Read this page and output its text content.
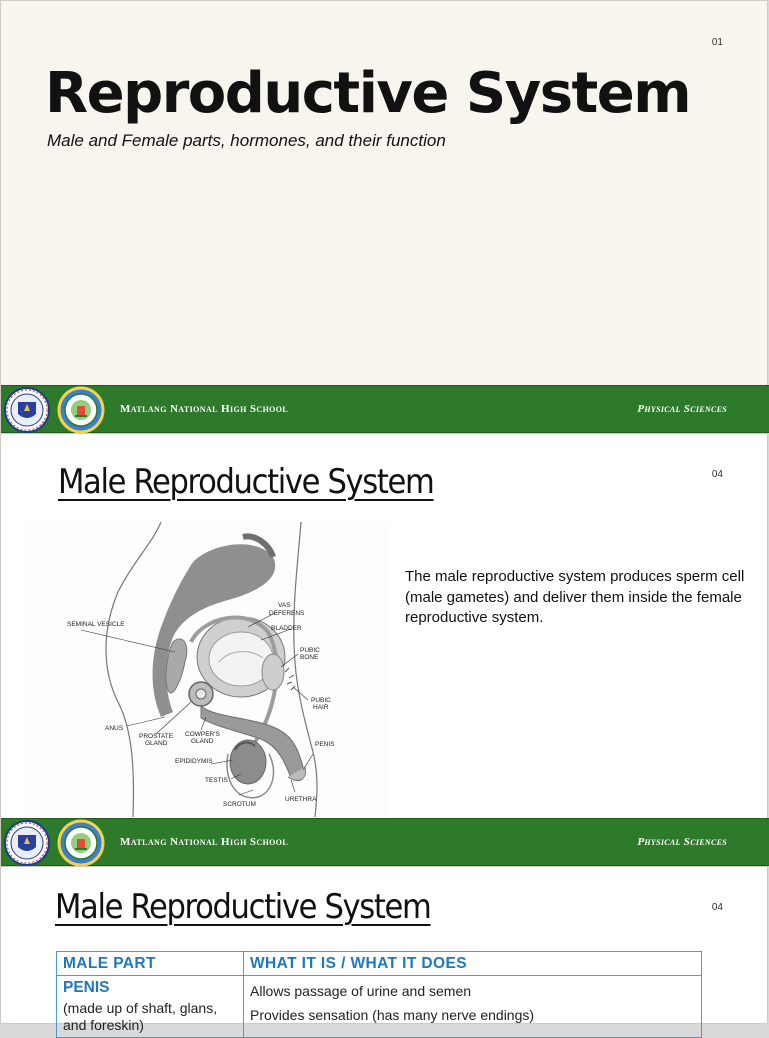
01
Reproductive System
Male and Female parts, hormones, and their function
Matlang National High School	Physical Sciences
Male Reproductive System	04
SEMINAL VESICLE
VAS
DEFERENS
BLADDER
PUBIC
BONE
PUBIC
HAIR
ANUS
PROSTATE
GLAND
COWPER'S
GLAND	PENIS
EPIDIDYMIS
TESTIS
SCROTUM
URETHRA
The male reproductive system produces sperm cell (male gametes) and deliver them inside the female reproductive system.
Matlang National High School	Physical Sciences
Male Reproductive System	04
MALE PART	WHAT IT IS / WHAT IT DOES

PENIS
(made up of shaft, glans, and foreskin)	Allows passage of urine and semen
Provides sensation (has many nerve endings)
